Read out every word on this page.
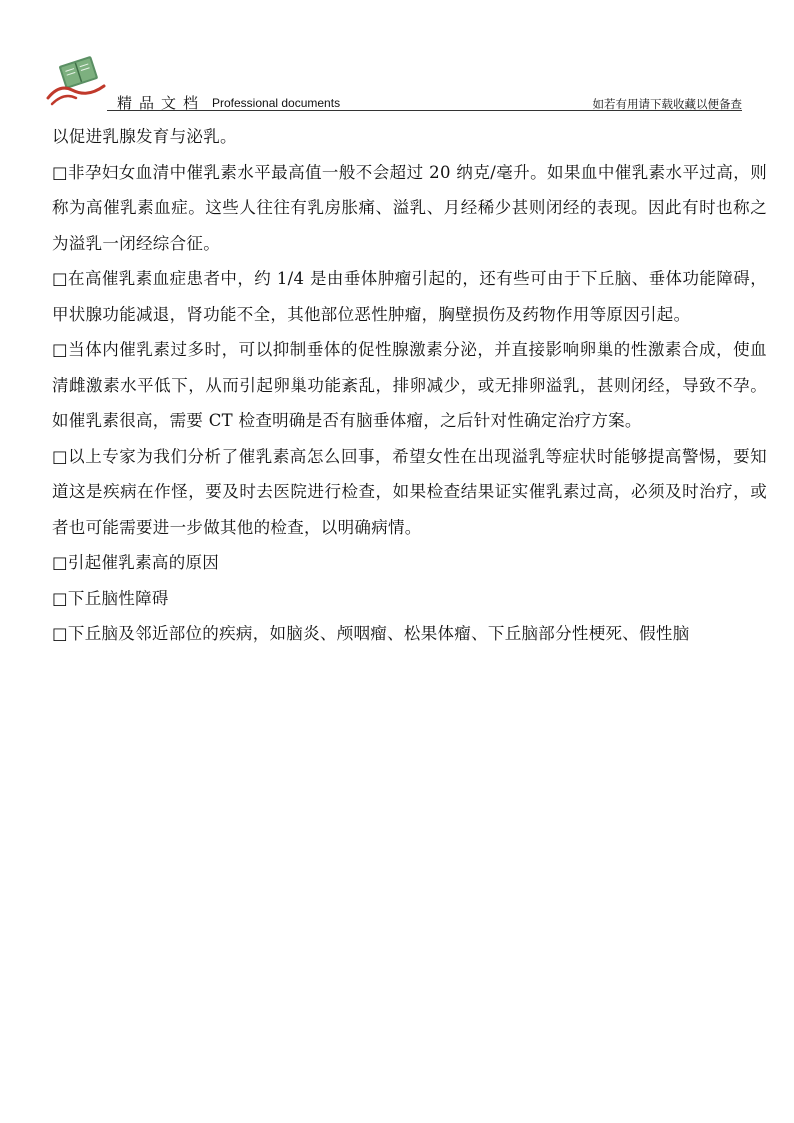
精品文档 Professional documents	如若有用请下载收藏以便备查

以促进乳腺发育与泌乳。

□非孕妇女血清中催乳素水平最高值一般不会超过 20 纳克/毫升。如果血中催乳素水平过高，则称为高催乳素血症。这些人往往有乳房胀痛、溢乳、月经稀少甚则闭经的表现。因此有时也称之为溢乳一闭经综合征。

□在高催乳素血症患者中，约 1/4 是由垂体肿瘤引起的，还有些可由于下丘脑、垂体功能障碍，甲状腺功能减退，肾功能不全，其他部位恶性肿瘤，胸壁损伤及药物作用等原因引起。

□当体内催乳素过多时，可以抑制垂体的促性腺激素分泌，并直接影响卵巢的性激素合成，使血清雌激素水平低下，从而引起卵巢功能紊乱，排卵减少，或无排卵溢乳，甚则闭经，导致不孕。如催乳素很高，需要 CT 检查明确是否有脑垂体瘤，之后针对性确定治疗方案。

□以上专家为我们分析了催乳素高怎么回事，希望女性在出现溢乳等症状时能够提高警惕，要知道这是疾病在作怪，要及时去医院进行检查，如果检查结果证实催乳素过高，必须及时治疗，或者也可能需要进一步做其他的检查，以明确病情。

□引起催乳素高的原因

□下丘脑性障碍

□下丘脑及邻近部位的疾病，如脑炎、颅咽瘤、松果体瘤、下丘脑部分性梗死、假性脑
